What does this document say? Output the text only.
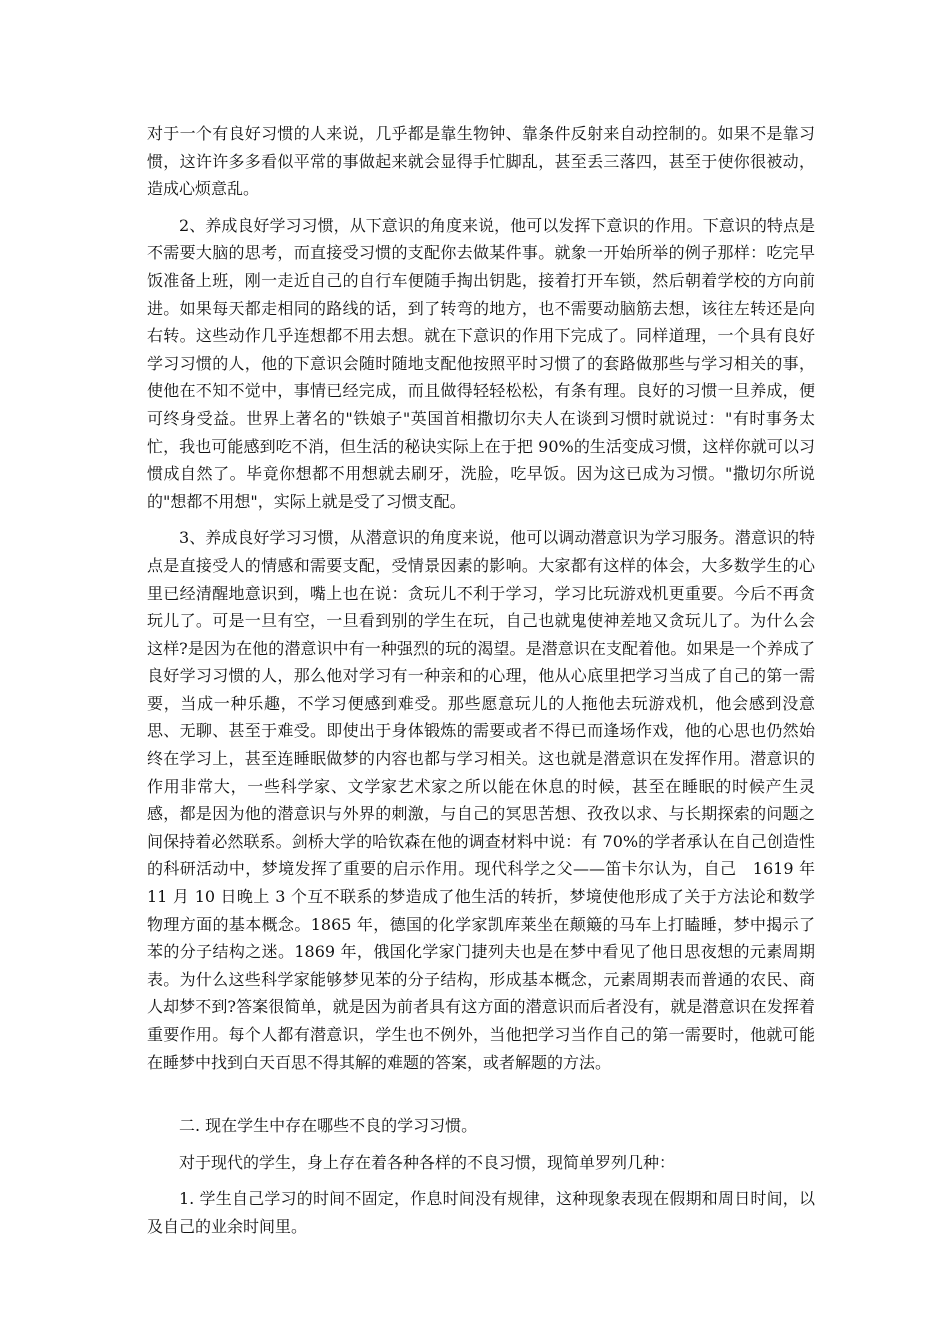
对于一个有良好习惯的人来说，几乎都是靠生物钟、靠条件反射来自动控制的。如果不是靠习惯，这许许多多看似平常的事做起来就会显得手忙脚乱，甚至丢三落四，甚至于使你很被动，造成心烦意乱。

2、养成良好学习习惯，从下意识的角度来说，他可以发挥下意识的作用。下意识的特点是不需要大脑的思考，而直接受习惯的支配你去做某件事。就象一开始所举的例子那样：吃完早饭准备上班，刚一走近自己的自行车便随手掏出钥匙，接着打开车锁，然后朝着学校的方向前进。如果每天都走相同的路线的话，到了转弯的地方，也不需要动脑筋去想，该往左转还是向右转。这些动作几乎连想都不用去想。就在下意识的作用下完成了。同样道理，一个具有良好学习习惯的人，他的下意识会随时随地支配他按照平时习惯了的套路做那些与学习相关的事，使他在不知不觉中，事情已经完成，而且做得轻轻松松，有条有理。良好的习惯一旦养成，便可终身受益。世界上著名的"铁娘子"英国首相撒切尔夫人在谈到习惯时就说过："有时事务太忙，我也可能感到吃不消，但生活的秘诀实际上在于把 90%的生活变成习惯，这样你就可以习惯成自然了。毕竟你想都不用想就去刷牙，洗脸，吃早饭。因为这已成为习惯。"撒切尔所说的"想都不用想"，实际上就是受了习惯支配。

3、养成良好学习习惯，从潜意识的角度来说，他可以调动潜意识为学习服务。潜意识的特点是直接受人的情感和需要支配，受情景因素的影响。大家都有这样的体会，大多数学生的心里已经清醒地意识到，嘴上也在说：贪玩儿不利于学习，学习比玩游戏机更重要。今后不再贪玩儿了。可是一旦有空，一旦看到别的学生在玩，自己也就鬼使神差地又贪玩儿了。为什么会这样?是因为在他的潜意识中有一种强烈的玩的渴望。是潜意识在支配着他。如果是一个养成了良好学习习惯的人，那么他对学习有一种亲和的心理，他从心底里把学习当成了自己的第一需要，当成一种乐趣，不学习便感到难受。那些愿意玩儿的人拖他去玩游戏机，他会感到没意思、无聊、甚至于难受。即使出于身体锻炼的需要或者不得已而逢场作戏，他的心思也仍然始终在学习上，甚至连睡眠做梦的内容也都与学习相关。这也就是潜意识在发挥作用。潜意识的作用非常大，一些科学家、文学家艺术家之所以能在休息的时候，甚至在睡眠的时候产生灵感，都是因为他的潜意识与外界的刺激，与自己的冥思苦想、孜孜以求、与长期探索的问题之间保持着必然联系。剑桥大学的哈钦森在他的调查材料中说：有 70%的学者承认在自己创造性的科研活动中，梦境发挥了重要的启示作用。现代科学之父——笛卡尔认为，自己　1619 年 11 月 10 日晚上 3 个互不联系的梦造成了他生活的转折，梦境使他形成了关于方法论和数学物理方面的基本概念。1865 年，德国的化学家凯库莱坐在颠簸的马车上打瞌睡，梦中揭示了苯的分子结构之迷。1869 年，俄国化学家门捷列夫也是在梦中看见了他日思夜想的元素周期表。为什么这些科学家能够梦见苯的分子结构，形成基本概念，元素周期表而普通的农民、商人却梦不到?答案很简单，就是因为前者具有这方面的潜意识而后者没有，就是潜意识在发挥着重要作用。每个人都有潜意识，学生也不例外，当他把学习当作自己的第一需要时，他就可能在睡梦中找到白天百思不得其解的难题的答案，或者解题的方法。

二. 现在学生中存在哪些不良的学习习惯。

对于现代的学生，身上存在着各种各样的不良习惯，现简单罗列几种：

1. 学生自己学习的时间不固定，作息时间没有规律，这种现象表现在假期和周日时间，以及自己的业余时间里。
